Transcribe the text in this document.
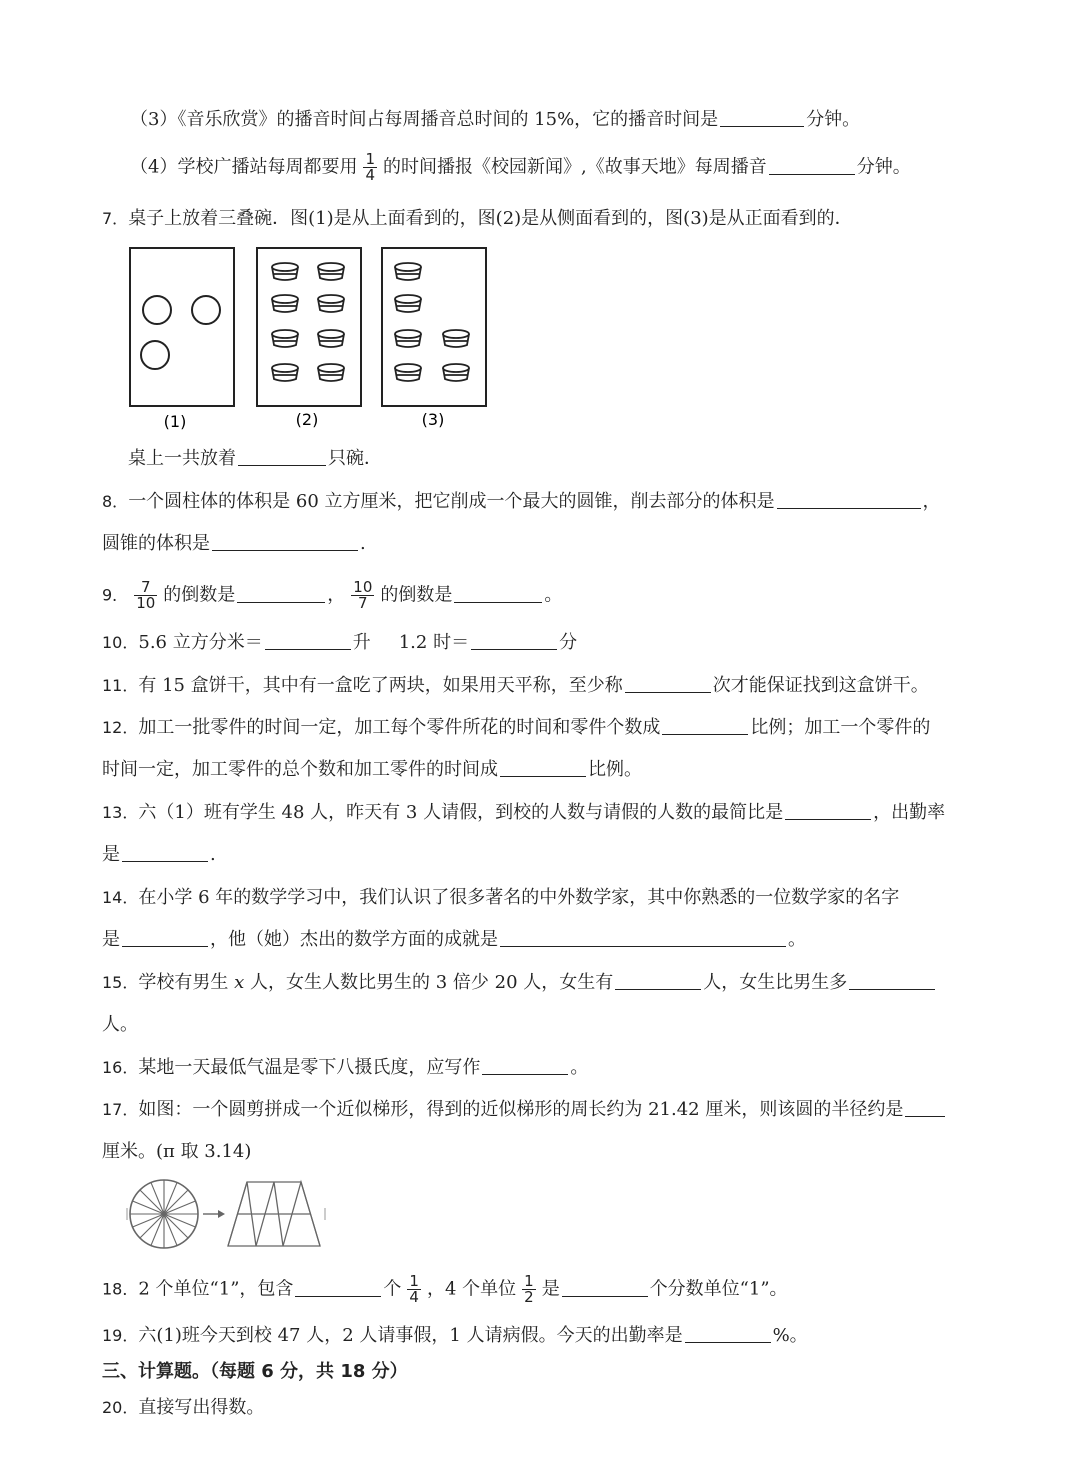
（3）《音乐欣赏》的播音时间占每周播音总时间的 15%，它的播音时间是	分钟。
（4）学校广播站每周都要用 $\frac{1}{4}$ 的时间播报《校园新闻》,《故事天地》每周播音	分钟。
7．桌子上放着三叠碗．图(1)是从上面看到的，图(2)是从侧面看到的，图(3)是从正面看到的．
(1)	(2)	(3)
桌上一共放着	只碗．
8．一个圆柱体的体积是 60 立方厘米，把它削成一个最大的圆锥，削去部分的体积是	，
圆锥的体积是	.
9． $\frac{7}{10}$ 的倒数是	， $\frac{10}{7}$ 的倒数是	。
10．5.6 立方分米＝	升 1.2 时＝	分
11．有 15 盒饼干，其中有一盒吃了两块，如果用天平称，至少称	次才能保证找到这盒饼干。
12．加工一批零件的时间一定，加工每个零件所花的时间和零件个数成	比例；加工一个零件的
时间一定，加工零件的总个数和加工零件的时间成	比例。
13．六（1）班有学生 48 人，昨天有 3 人请假，到校的人数与请假的人数的最简比是	，出勤率
是	.
14．在小学 6 年的数学学习中，我们认识了很多著名的中外数学家，其中你熟悉的一位数学家的名字
是	，他（她）杰出的数学方面的成就是	。
15．学校有男生 x 人，女生人数比男生的 3 倍少 20 人，女生有	人，女生比男生多
人。
16．某地一天最低气温是零下八摄氏度，应写作	。
17．如图：一个圆剪拼成一个近似梯形，得到的近似梯形的周长约为 21.42 厘米，则该圆的半径约是
厘米。(π 取 3.14)
18．2 个单位“1”，包含	个 $\frac{1}{4}$ ，4 个单位 $\frac{1}{2}$ 是	个分数单位“1”。
19．六(1)班今天到校 47 人，2 人请事假，1 人请病假。今天的出勤率是	%。
三、计算题。（每题 6 分，共 18 分）
20．直接写出得数。
